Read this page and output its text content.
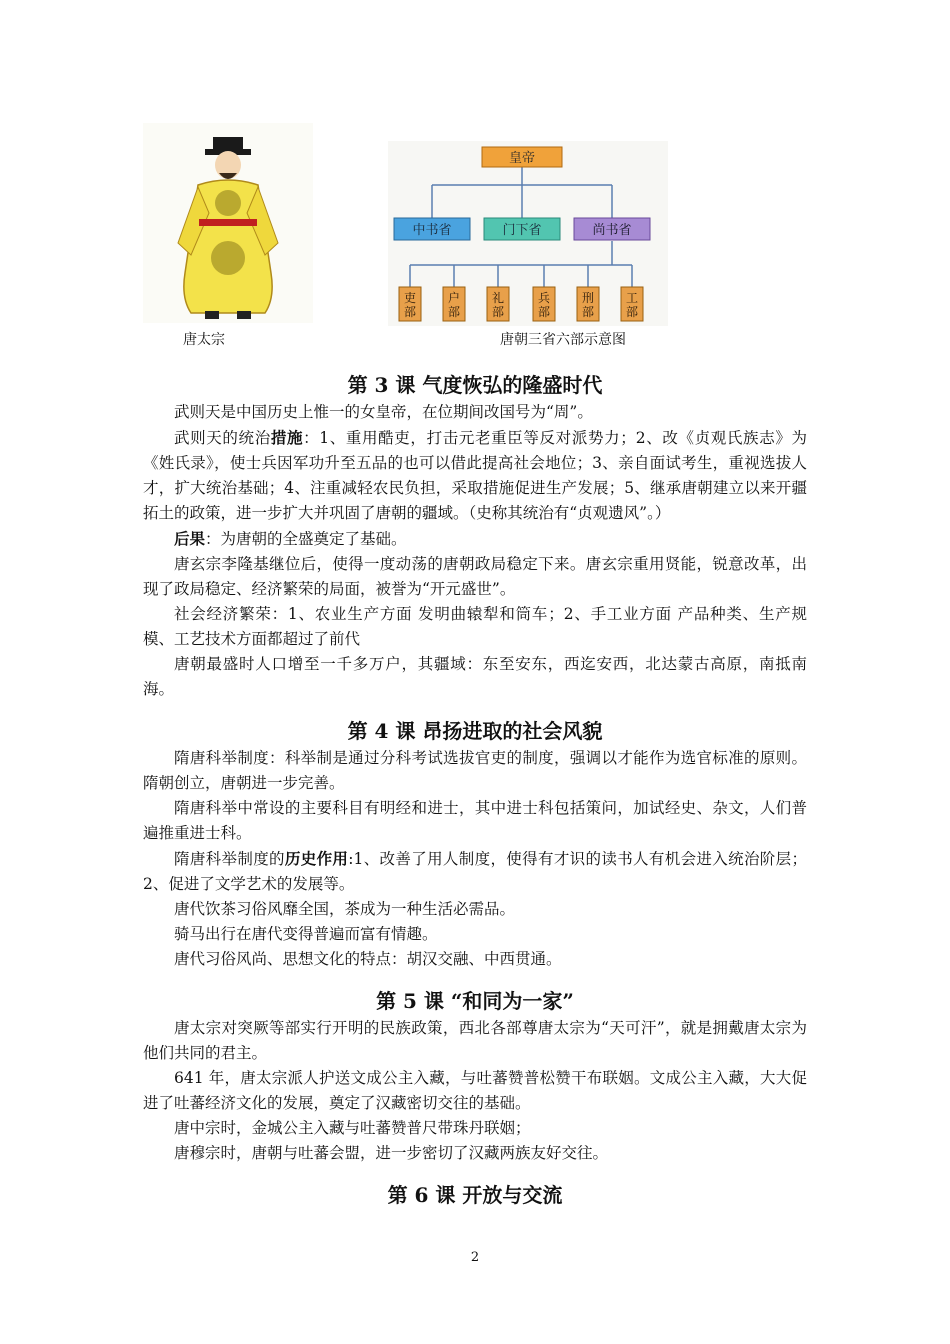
唐太宗
皇帝
中书省	门下省	尚书省
吏部
户部
礼部
兵部
刑部
工部
唐朝三省六部示意图
第 3 课 气度恢弘的隆盛时代

武则天是中国历史上惟一的女皇帝，在位期间改国号为“周”。

武则天的统治措施：1、重用酷吏，打击元老重臣等反对派势力；2、改《贞观氏族志》为《姓氏录》，使士兵因军功升至五品的也可以借此提高社会地位；3、亲自面试考生，重视选拔人才，扩大统治基础；4、注重减轻农民负担，采取措施促进生产发展；5、继承唐朝建立以来开疆拓土的政策，进一步扩大并巩固了唐朝的疆域。（史称其统治有“贞观遗风”。）

后果：为唐朝的全盛奠定了基础。

唐玄宗李隆基继位后，使得一度动荡的唐朝政局稳定下来。唐玄宗重用贤能，锐意改革，出现了政局稳定、经济繁荣的局面，被誉为“开元盛世”。

社会经济繁荣：1、农业生产方面 发明曲辕犁和筒车；2、手工业方面 产品种类、生产规模、工艺技术方面都超过了前代

唐朝最盛时人口增至一千多万户，其疆域：东至安东，西迄安西，北达蒙古高原，南抵南海。

第 4 课 昂扬进取的社会风貌

隋唐科举制度：科举制是通过分科考试选拔官吏的制度，强调以才能作为选官标准的原则。隋朝创立，唐朝进一步完善。

隋唐科举中常设的主要科目有明经和进士，其中进士科包括策问，加试经史、杂文，人们普遍推重进士科。

隋唐科举制度的历史作用:1、改善了用人制度，使得有才识的读书人有机会进入统治阶层；2、促进了文学艺术的发展等。

唐代饮茶习俗风靡全国，茶成为一种生活必需品。

骑马出行在唐代变得普遍而富有情趣。

唐代习俗风尚、思想文化的特点：胡汉交融、中西贯通。

第 5 课 “和同为一家”

唐太宗对突厥等部实行开明的民族政策，西北各部尊唐太宗为“天可汗”，就是拥戴唐太宗为他们共同的君主。

641 年，唐太宗派人护送文成公主入藏，与吐蕃赞普松赞干布联姻。文成公主入藏，大大促进了吐蕃经济文化的发展，奠定了汉藏密切交往的基础。

唐中宗时，金城公主入藏与吐蕃赞普尺带珠丹联姻；

唐穆宗时，唐朝与吐蕃会盟，进一步密切了汉藏两族友好交往。

第 6 课 开放与交流
2
